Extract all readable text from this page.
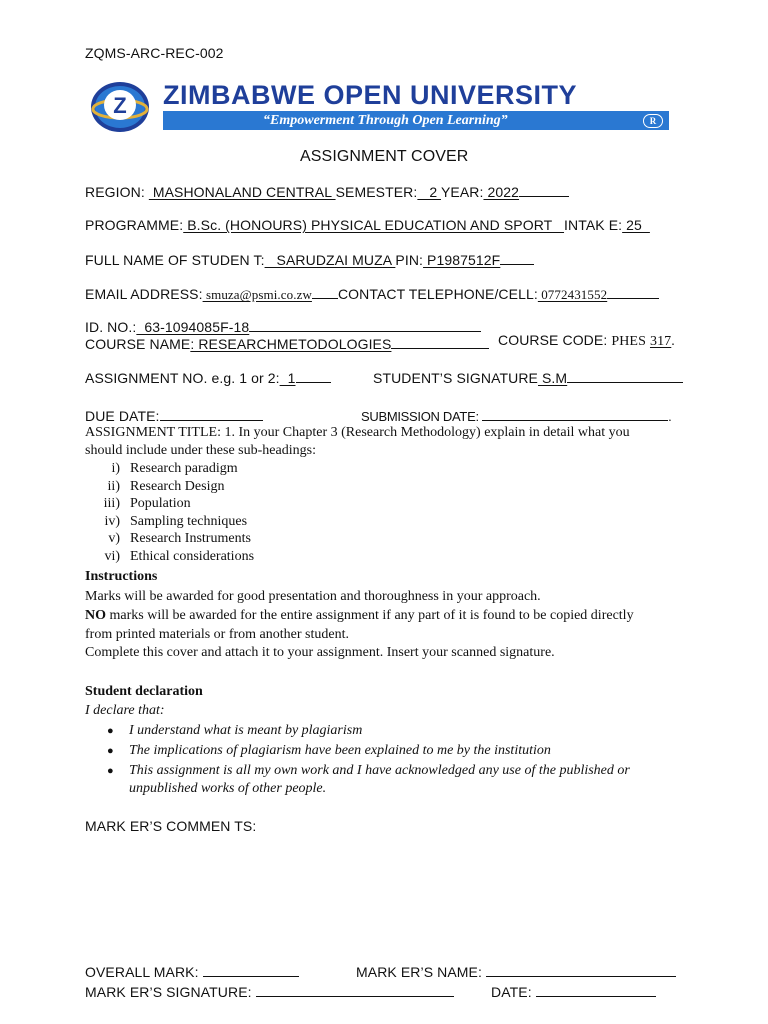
ZQMS-ARC-REC-002
Z ZIMBABWE OPEN UNIVERSITY
“Empowerment Through Open Learning”	R
ASSIGNMENT COVER
REGION:  MASHONALAND CENTRAL SEMESTER:   2 YEAR: 2022
PROGRAMME: B.Sc. (HONOURS) PHYSICAL EDUCATION AND SPORT   INTAK E: 25
FULL NAME OF STUDEN T:   SARUDZAI MUZA PIN: P1987512F
EMAIL ADDRESS: smuza@psmi.co.zw CONTACT TELEPHONE/CELL: 0772431552
ID. NO.:  63-1094085F-18
COURSE NAME: RESEARCHMETODOLOGIES	COURSE CODE: PHES 317.
ASSIGNMENT NO. e.g. 1 or 2:  1	STUDENT’S SIGNATURE S.M
DUE DATE:	SUBMISSION DATE:	.
ASSIGNMENT TITLE: 1. In your Chapter 3 (Research Methodology) explain in detail what you
should include under these sub-headings:
i) Research paradigm
ii) Research Design
iii) Population
iv) Sampling techniques
v) Research Instruments
vi) Ethical considerations
Instructions
Marks will be awarded for good presentation and thoroughness in your approach.
NO marks will be awarded for the entire assignment if any part of it is found to be copied directly
from printed materials or from another student.
Complete this cover and attach it to your assignment. Insert your scanned signature.
Student declaration
I declare that:
● I understand what is meant by plagiarism
● The implications of plagiarism have been explained to me by the institution
● This assignment is all my own work and I have acknowledged any use of the published or
unpublished works of other people.
MARK ER’S COMMEN TS:
OVERALL MARK:	MARK ER’S NAME:
MARK ER’S SIGNATURE:	DATE:
